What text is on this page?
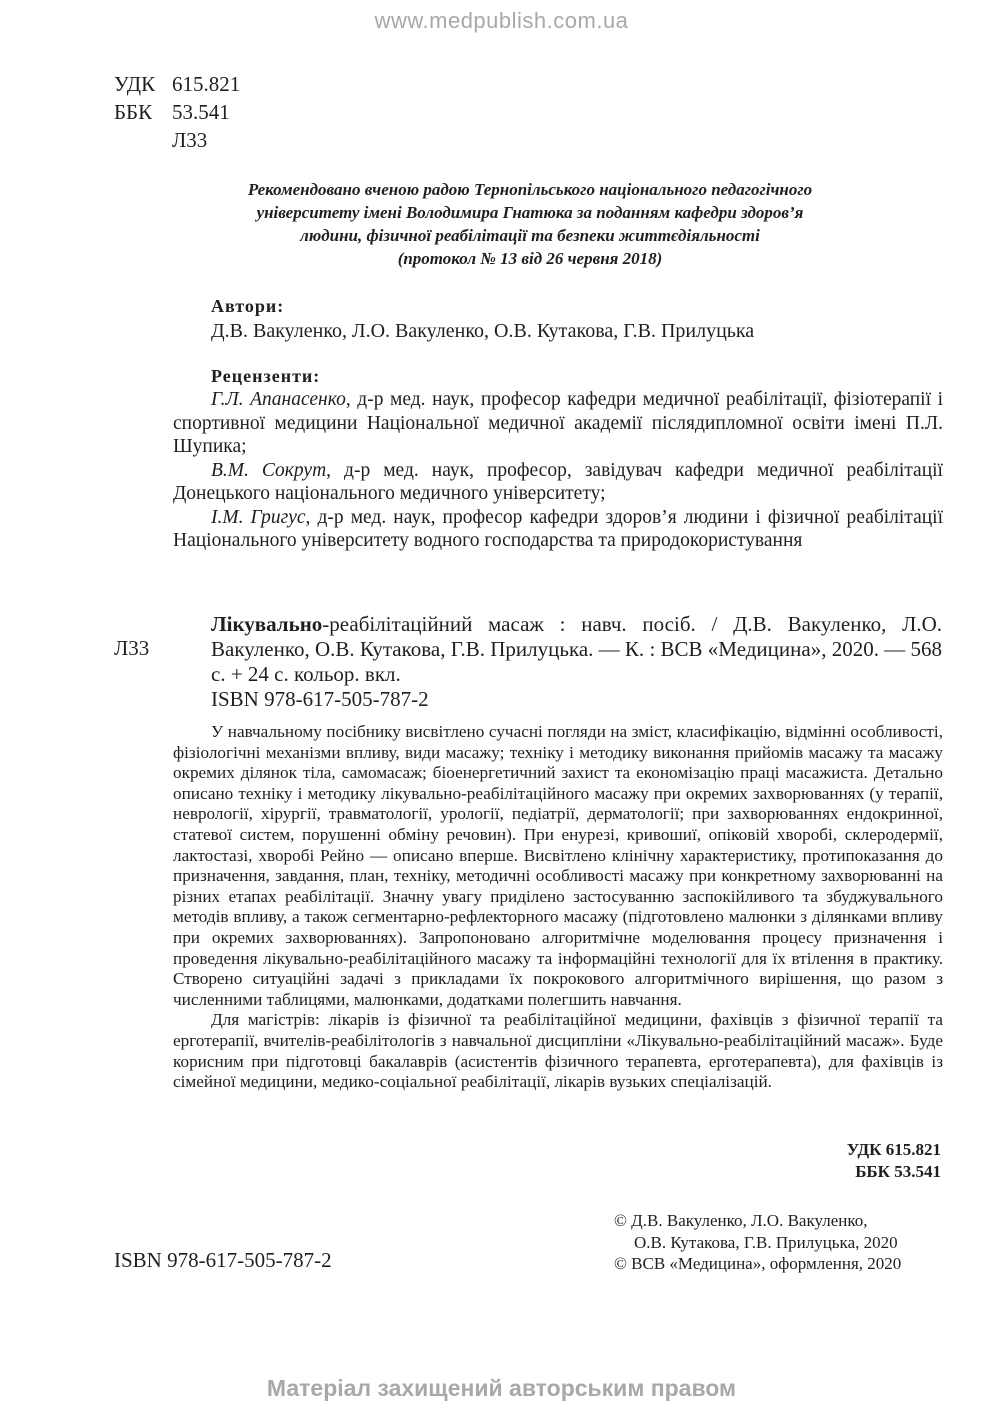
www.medpublish.com.ua
УДК 615.821
ББК 53.541
Л33
Рекомендовано вченою радою Тернопільського національного педагогічного
університету імені Володимира Гнатюка за поданням кафедри здоров’я
людини, фізичної реабілітації та безпеки життєдіяльності
(протокол № 13 від 26 червня 2018)
Автори:
Д.В. Вакуленко, Л.О. Вакуленко, О.В. Кутакова, Г.В. Прилуцька
Рецензенти:

Г.Л. Апанасенко, д-р мед. наук, професор кафедри медичної реабілітації, фізіотерапії і спортивної медицини Національної медичної академії післядипломної освіти імені П.Л. Шупика;

В.М. Сокрут, д-р мед. наук, професор, завідувач кафедри медичної реабілітації Донецького національного медичного університету;

І.М. Григус, д-р мед. наук, професор кафедри здоров’я людини і фізичної реабілітації Національного університету водного господарства та природокористування

Л33
Лікувально-реабілітаційний масаж : навч. посіб. / Д.В. Вакуленко, Л.О. Вакуленко, О.В. Кутакова, Г.В. Прилуцька. — К. : ВСВ «Медицина», 2020. — 568 с. + 24 с. кольор. вкл.
ISBN 978-617-505-787-2

У навчальному посібнику висвітлено сучасні погляди на зміст, класифікацію, відмінні особливості, фізіологічні механізми впливу, види масажу; техніку і методику виконання прийомів масажу та масажу окремих ділянок тіла, самомасаж; біоенергетичний захист та економізацію праці масажиста. Детально описано техніку і методику лікувально-реабілітаційного масажу при окремих захворюваннях (у терапії, неврології, хірургії, травматології, урології, педіатрії, дерматології; при захворюваннях ендокринної, статевої систем, порушенні обміну речовин). При енурезі, кривошиї, опіковій хворобі, склеродермії, лактостазі, хворобі Рейно — описано вперше. Висвітлено клінічну характеристику, протипоказання до призначення, завдання, план, техніку, методичні особливості масажу при конкретному захворюванні на різних етапах реабілітації. Значну увагу приділено застосуванню заспокійливого та збуджувального методів впливу, а також сегментарно-рефлекторного масажу (підготовлено малюнки з ділянками впливу при окремих захворюваннях). Запропоновано алгоритмічне моделювання процесу призначення і проведення лікувально-реабілітаційного масажу та інформаційні технології для їх втілення в практику. Створено ситуаційні задачі з прикладами їх покрокового алгоритмічного вирішення, що разом з численними таблицями, малюнками, додатками полегшить навчання.

Для магістрів: лікарів із фізичної та реабілітаційної медицини, фахівців з фізичної терапії та ерготерапії, вчителів-реабілітологів з навчальної дисципліни «Лікувально-реабілітаційний масаж». Буде корисним при підготовці бакалаврів (асистентів фізичного терапевта, ерготерапевта), для фахівців із сімейної медицини, медико-соціальної реабілітації, лікарів вузьких спеціалізацій.

УДК 615.821
ББК 53.541
© Д.В. Вакуленко, Л.О. Вакуленко,
О.В. Кутакова, Г.В. Прилуцька, 2020
© ВСВ «Медицина», оформлення, 2020
ISBN 978-617-505-787-2
Матеріал захищений авторським правом
